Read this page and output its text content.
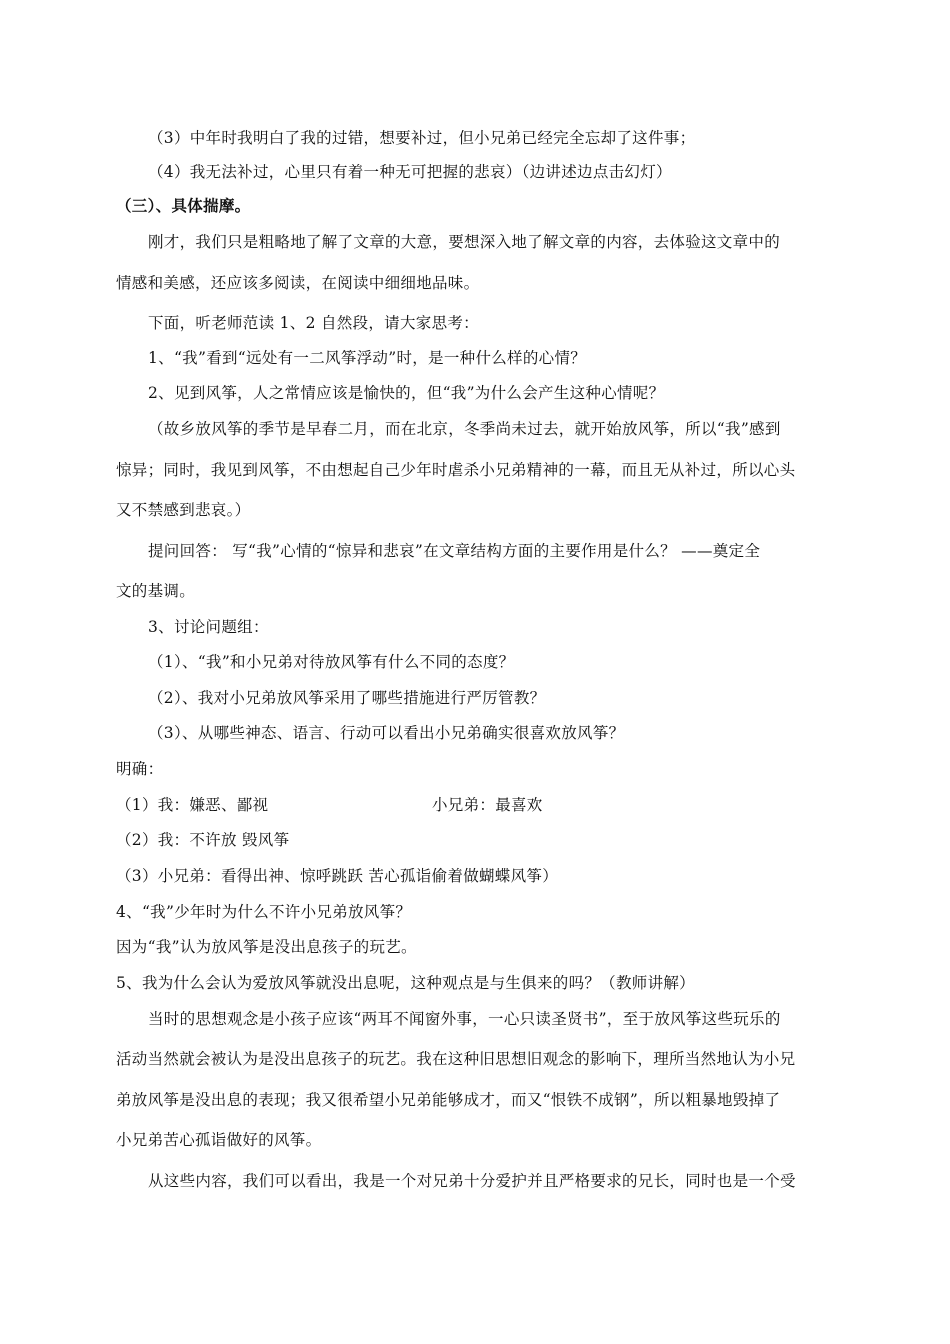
（3）中年时我明白了我的过错，想要补过，但小兄弟已经完全忘却了这件事；
（4）我无法补过，心里只有着一种无可把握的悲哀）（边讲述边点击幻灯）
（三）、具体揣摩。
刚才，我们只是粗略地了解了文章的大意，要想深入地了解文章的内容，去体验这文章中的
情感和美感，还应该多阅读，在阅读中细细地品味。
下面，听老师范读 1、2 自然段，请大家思考：
1、“我”看到“远处有一二风筝浮动”时，是一种什么样的心情？
2、见到风筝，人之常情应该是愉快的，但“我”为什么会产生这种心情呢？
（故乡放风筝的季节是早春二月，而在北京，冬季尚未过去，就开始放风筝，所以“我”感到
惊异；同时，我见到风筝，不由想起自己少年时虐杀小兄弟精神的一幕，而且无从补过，所以心头
又不禁感到悲哀。）
提问回答： 写“我”心情的“惊异和悲哀”在文章结构方面的主要作用是什么？ ——奠定全
文的基调。
3、讨论问题组：
（1）、“我”和小兄弟对待放风筝有什么不同的态度？
（2）、我对小兄弟放风筝采用了哪些措施进行严厉管教？
（3）、从哪些神态、语言、行动可以看出小兄弟确实很喜欢放风筝？
明确：
（1）我：嫌恶、鄙视	小兄弟：最喜欢
（2）我：不许放 毁风筝
（3）小兄弟：看得出神、惊呼跳跃 苦心孤诣偷着做蝴蝶风筝）
4、“我”少年时为什么不许小兄弟放风筝？
因为“我”认为放风筝是没出息孩子的玩艺。
5、我为什么会认为爱放风筝就没出息呢，这种观点是与生俱来的吗？（教师讲解）
当时的思想观念是小孩子应该“两耳不闻窗外事，一心只读圣贤书”，至于放风筝这些玩乐的
活动当然就会被认为是没出息孩子的玩艺。我在这种旧思想旧观念的影响下，理所当然地认为小兄
弟放风筝是没出息的表现；我又很希望小兄弟能够成才，而又“恨铁不成钢”，所以粗暴地毁掉了
小兄弟苦心孤诣做好的风筝。
从这些内容，我们可以看出，我是一个对兄弟十分爱护并且严格要求的兄长，同时也是一个受
